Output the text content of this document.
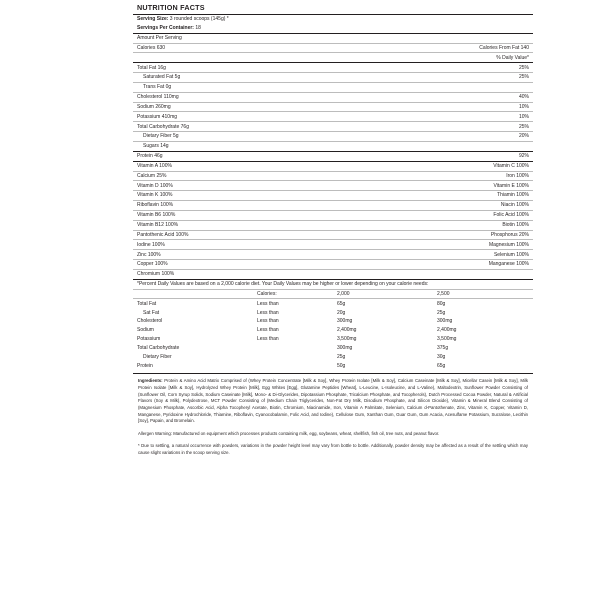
NUTRITION FACTS
Serving Size: 3 rounded scoops (145g) *	
Servings Per Container: 18	
Amount Per Serving	
Calories 630	Calories From Fat 140
	% Daily Value*
Total Fat 16g	25%
Saturated Fat 5g	25%
Trans Fat 0g	
Cholesterol 110mg	40%
Sodium 260mg	10%
Potassium 410mg	10%
Total Carbohydrate 76g	25%
Dietary Fiber 5g	20%
Sugars 14g	
Protein 46g	92%
Vitamin A 100%	Vitamin C 100%
Calcium 25%	Iron 100%
Vitamin D 100%	Vitamin E 100%
Vitamin K 100%	Thiamin 100%
Riboflavin 100%	Niacin 100%
Vitamin B6 100%	Folic Acid 100%
Vitamin B12 100%	Biotin 100%
Pantothenic Acid 100%	Phosphorus 20%
Iodine 100%	Magnesium 100%
Zinc 100%	Selenium 100%
Copper 100%	Manganese 100%
Chromium 100%	
*Percent Daily Values are based on a 2,000 calorie diet. Your Daily Values may be higher or lower depending on your calorie needs:	
	Calories:	2,000	2,500
Total Fat	Less than	65g	80g
Sat Fat	Less than	20g	25g
Cholesterol	Less than	300mg	300mg
Sodium	Less than	2,400mg	2,400mg
Potassium	Less than	3,500mg	3,500mg
Total Carbohydrate		300mg	375g
Dietary Fiber		25g	30g
Protein		50g	65g
Ingredients: Protein & Amino Acid Matrix Comprised of (Whey Protein Concentrate [Milk & Soy], Whey Protein Isolate [Milk & Soy], Calcium Caseinate [Milk & Soy], Micellar Casein [Milk & Soy], Milk Protein Isolate [Milk & Soy], Hydrolyzed Whey Protein [Milk], Egg Whites [Egg], Glutamine Peptides [Wheat], L-Leucine, L-Isoleucine, and L-Valine), Maltodextrin, Sunflower Powder Consisting of (Sunflower Oil, Corn Syrup Solids, Sodium Caseinate [Milk], Mono- & Di-Glycerides, Dipotassium Phosphate, Tricalcium Phosphate, and Tocopherols), Dutch Processed Cocoa Powder, Natural & Artificial Flavors (Soy & Milk), Polydextrose, MCT Powder Consisting of (Medium Chain Triglycerides, Non-Fat Dry Milk, Disodium Phosphate, and Silicon Dioxide), Vitamin & Mineral Blend Consisting of (Magnesium Phosphate, Ascorbic Acid, Alpha Tocopheryl Acetate, Biotin, Chromium, Niacinamide, Iron, Vitamin A Palmitate, Selenium, Calcium d-Pantothenate, Zinc, Vitamin K, Copper, Vitamin D, Manganese, Pyridoxine Hydrochloride, Thiamine, Riboflavin, Cyanocobalamin, Folic Acid, and Iodine), Cellulose Gum, Xanthan Gum, Guar Gum, Gum Acacia, Acesulfame Potassium, Sucralose, Lecithin [Soy], Papain, and Bromelain.
Allergen Warning: Manufactured on equipment which processes products containing milk, egg, soybeans, wheat, shellfish, fish oil, tree nuts, and peanut flavor.
* Due to settling, a natural occurrence with powders, variations in the powder height level may vary from bottle to bottle. Additionally, powder density may be affected as a result of the settling which may cause slight variations in the scoop serving size.
